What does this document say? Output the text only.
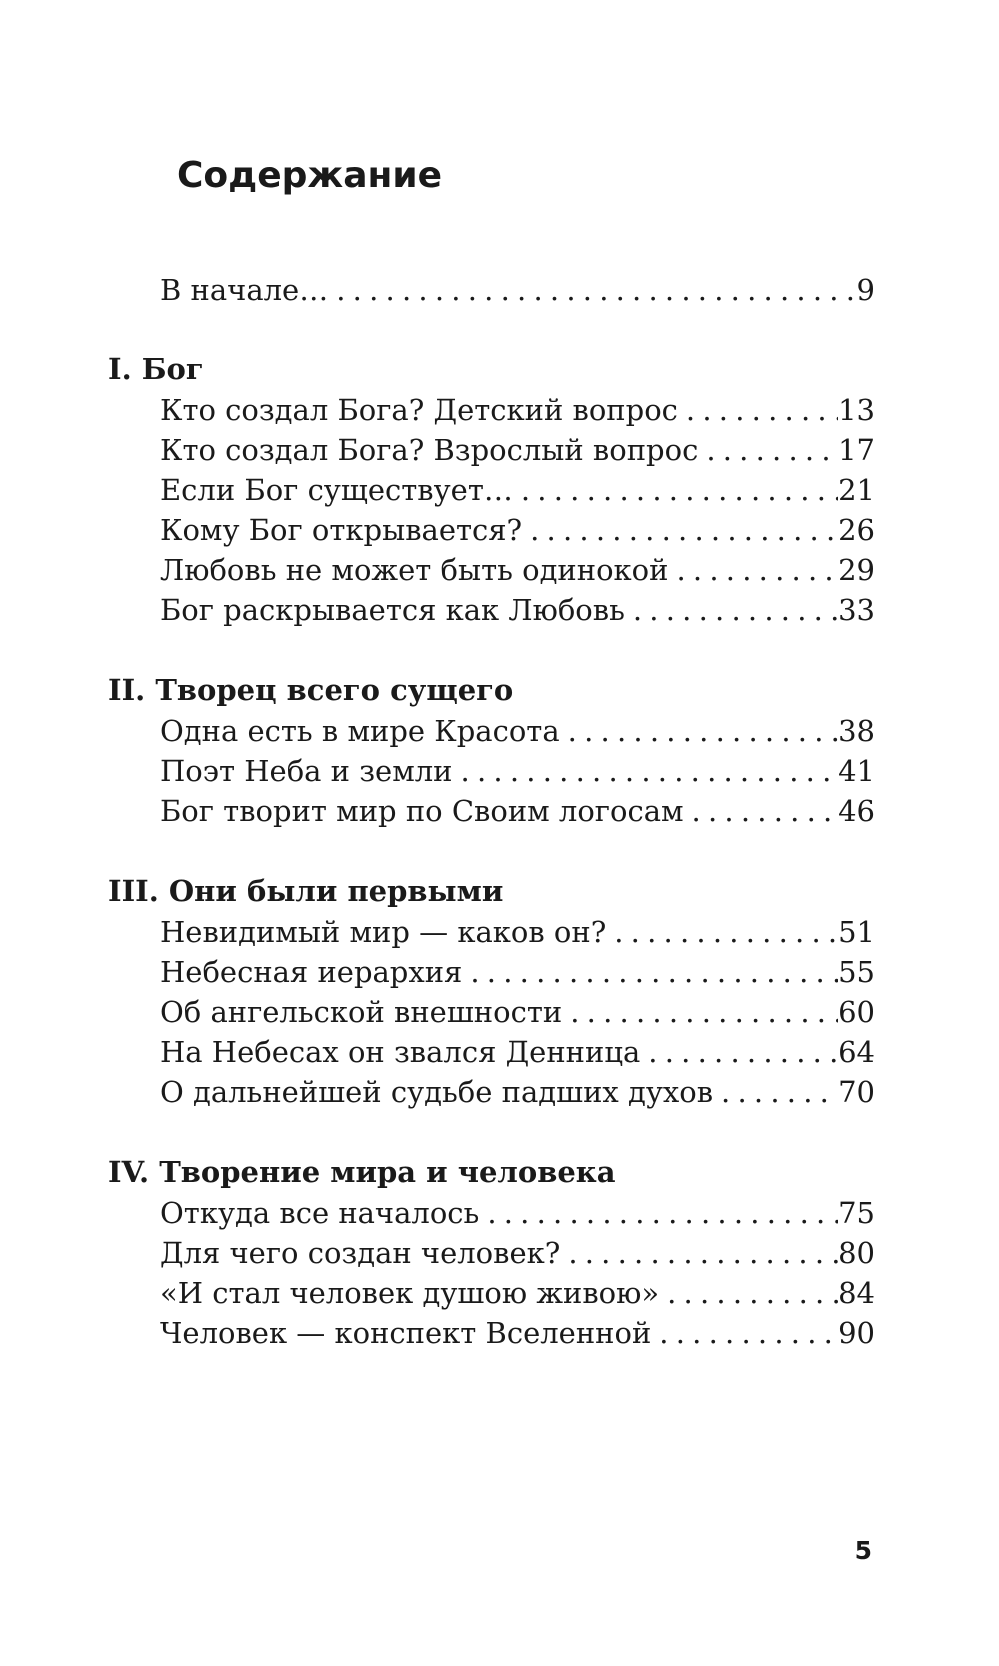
Содержание
В начале… . . .	9
I. Бог
Кто создал Бога? Детский вопрос . . .	13
Кто создал Бога? Взрослый вопрос . . .	17
Если Бог существует… . . .	21
Кому Бог открывается? . . .	26
Любовь не может быть одинокой . . .	29
Бог раскрывается как Любовь . . .	33
II. Творец всего сущего
Одна есть в мире Красота . . .	38
Поэт Неба и земли . . .	41
Бог творит мир по Своим логосам . . .	46
III. Они были первыми
Невидимый мир — каков он? . . .	51
Небесная иерархия . . .	55
Об ангельской внешности . . .	60
На Небесах он звался Денница . . .	64
О дальнейшей судьбе падших духов . . .	70
IV. Творение мира и человека
Откуда все началось . . .	75
Для чего создан человек? . . .	80
«И стал человек душою живою» . . .	84
Человек — конспект Вселенной . . .	90
5
